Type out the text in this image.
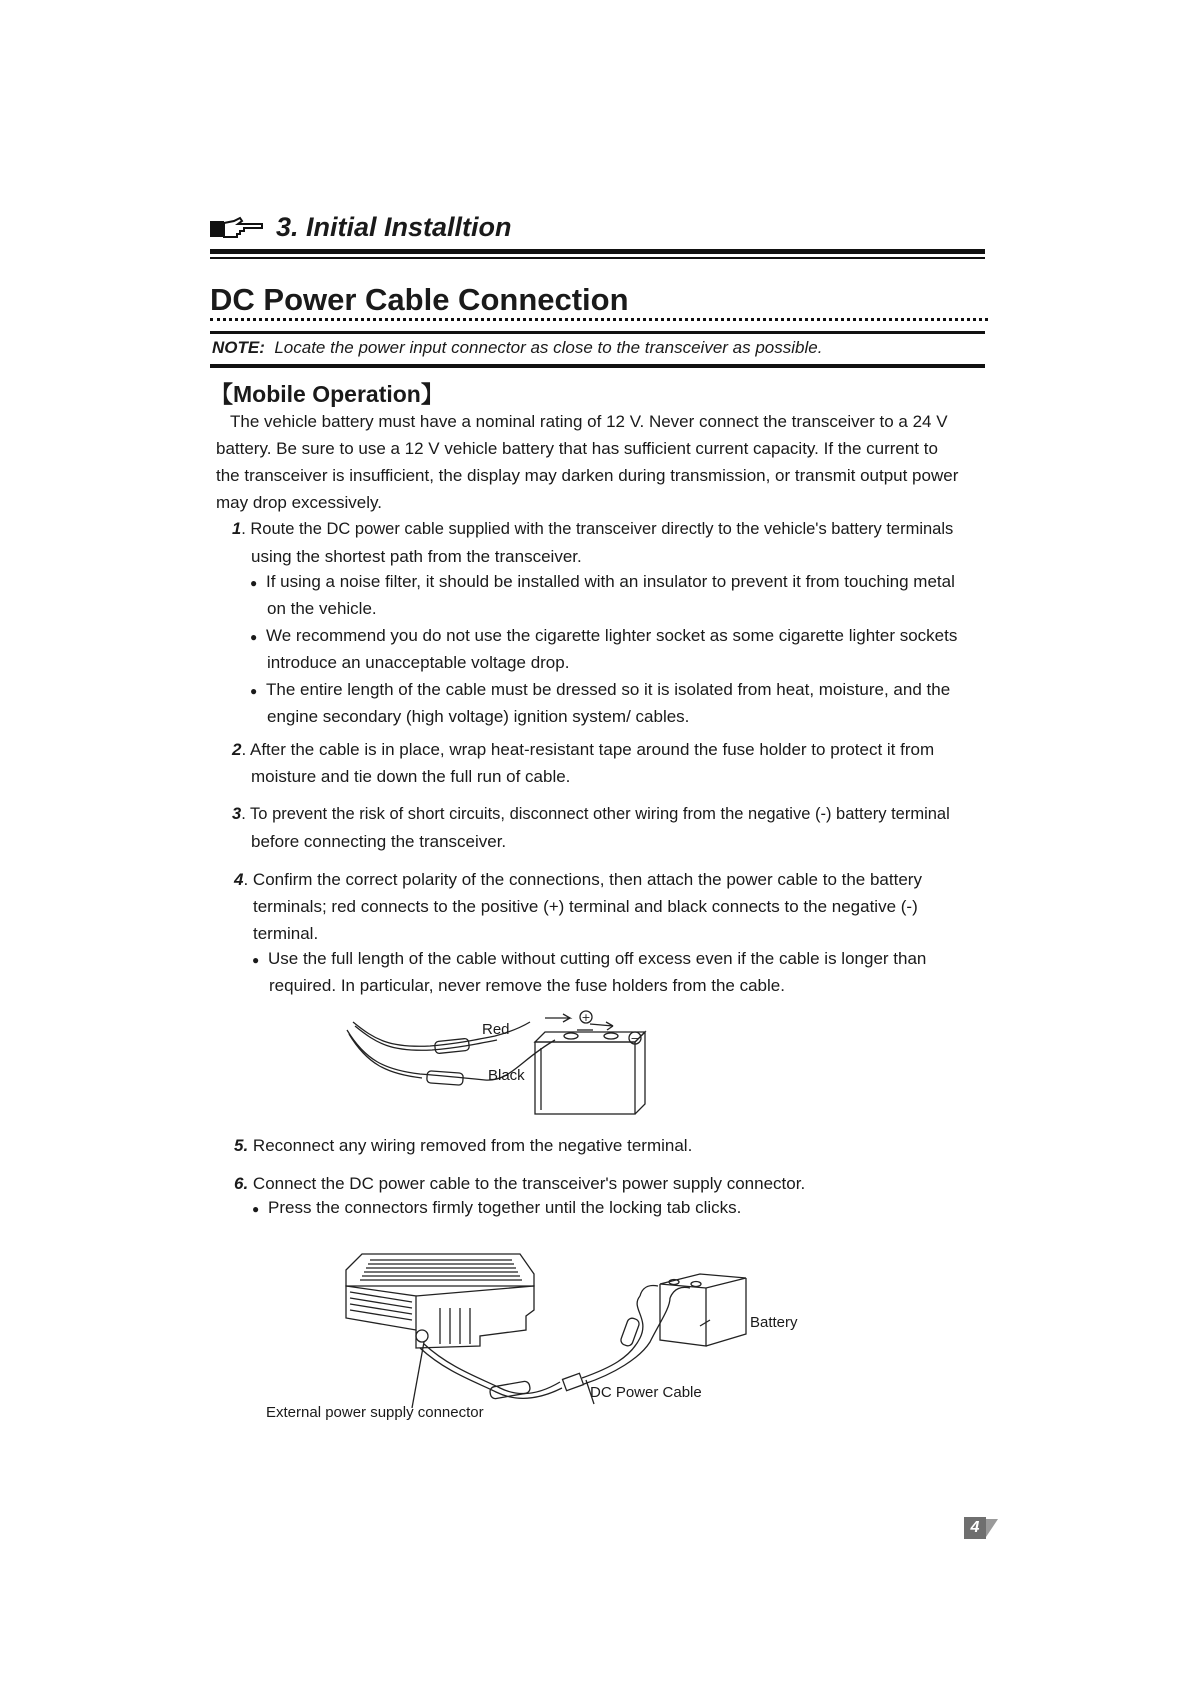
3. Initial Installtion
DC Power Cable Connection
NOTE: Locate the power input connector as close to the transceiver as possible.
【Mobile Operation】
The vehicle battery must have a nominal rating of 12 V. Never connect the transceiver to a 24 V
battery. Be sure to use a 12 V vehicle battery that has sufficient current capacity. If the current to
the transceiver is insufficient, the display may darken during transmission, or transmit output power
may drop excessively.
1. Route the DC power cable supplied with the transceiver directly to the vehicle's battery terminals
using the shortest path from the transceiver.
● If using a noise filter, it should be installed with an insulator to prevent it from touching metal
on the vehicle.
● We recommend you do not use the cigarette lighter socket as some cigarette lighter sockets
introduce an unacceptable voltage drop.
● The entire length of the cable must be dressed so it is isolated from heat, moisture, and the
engine secondary (high voltage) ignition system/ cables.
2. After the cable is in place, wrap heat-resistant tape around the fuse holder to protect it from
moisture and tie down the full run of cable.
3. To prevent the risk of short circuits, disconnect other wiring from the negative (-) battery terminal
before connecting the transceiver.
4. Confirm the correct polarity of the connections, then attach the power cable to the battery
terminals; red connects to the positive (+) terminal and black connects to the negative (-)
terminal.
● Use the full length of the cable without cutting off excess even if the cable is longer than
required. In particular, never remove the fuse holders from the cable.
+
−
Red
Black
5. Reconnect any wiring removed from the negative terminal.
6. Connect the DC power cable to the transceiver's power supply connector.
● Press the connectors firmly together until the locking tab clicks.
Battery
DC Power Cable
External power supply connector
4
